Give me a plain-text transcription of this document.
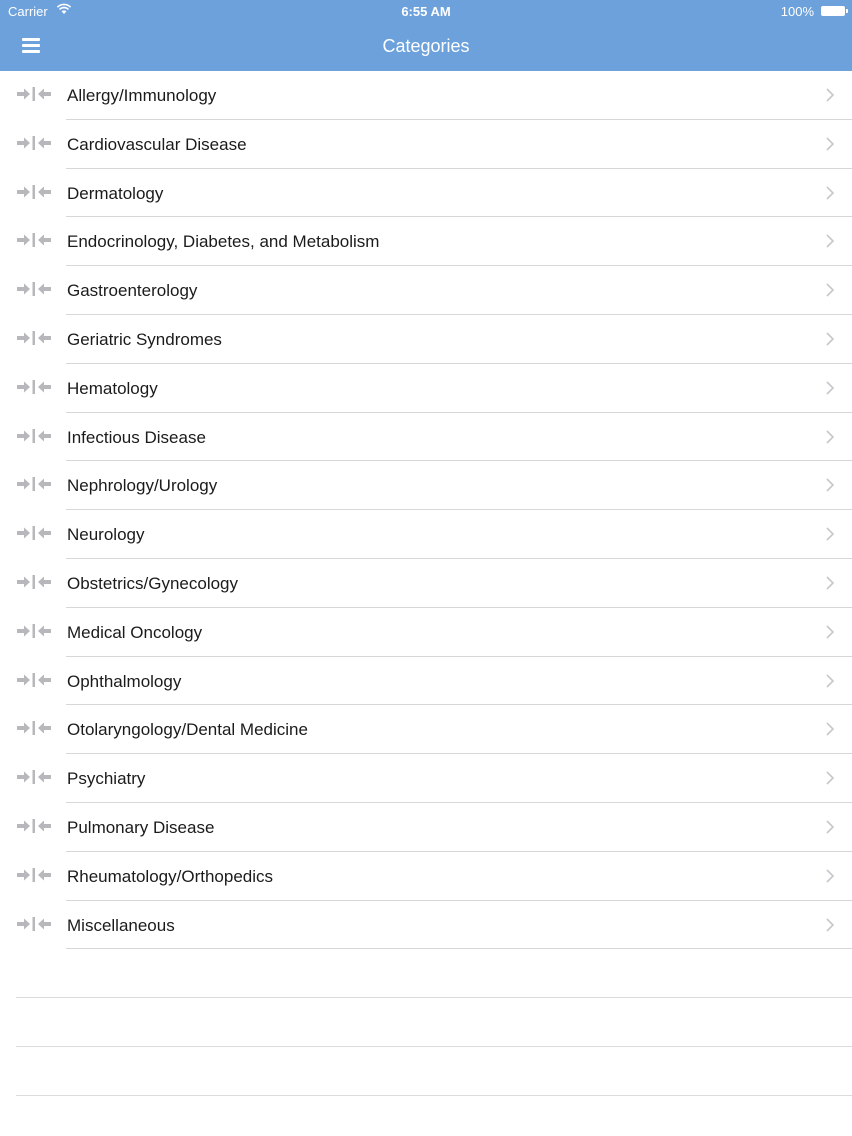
Carrier	6:55 AM	100%
Categories
Allergy/Immunology
Cardiovascular Disease
Dermatology
Endocrinology, Diabetes, and Metabolism
Gastroenterology
Geriatric Syndromes
Hematology
Infectious Disease
Nephrology/Urology
Neurology
Obstetrics/Gynecology
Medical Oncology
Ophthalmology
Otolaryngology/Dental Medicine
Psychiatry
Pulmonary Disease
Rheumatology/Orthopedics
Miscellaneous
